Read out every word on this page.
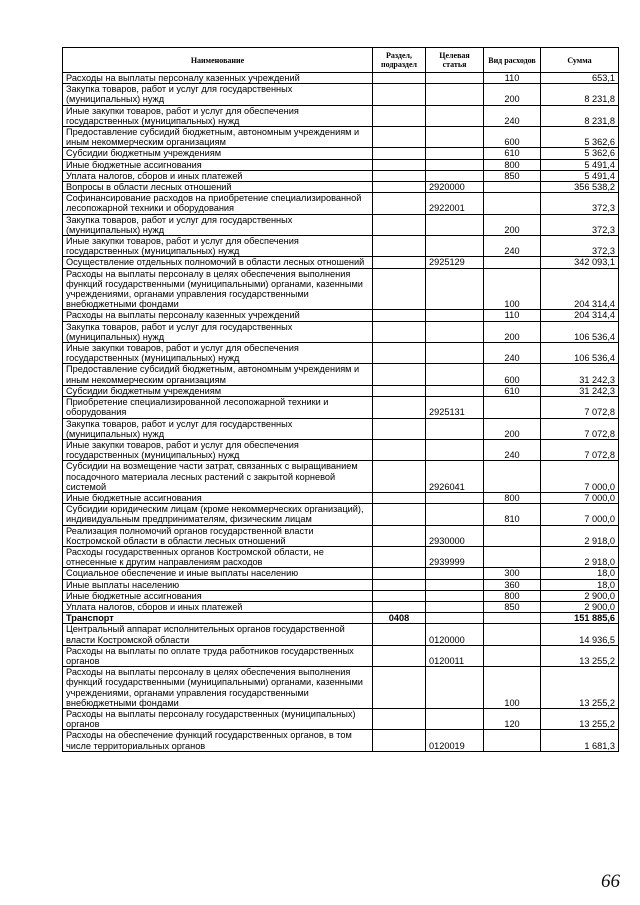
Наименование	Раздел, подраздел	Целевая статья	Вид расходов	Сумма
Расходы на выплаты персоналу казенных учреждений			110	653,1
Закупка товаров, работ и услуг для государственных (муниципальных) нужд			200	8 231,8
Иные закупки товаров, работ и услуг для обеспечения государственных (муниципальных) нужд			240	8 231,8
Предоставление субсидий бюджетным, автономным учреждениям и иным некоммерческим организациям			600	5 362,6
Субсидии бюджетным учреждениям			610	5 362,6
Иные бюджетные ассигнования			800	5 491,4
Уплата налогов, сборов и иных платежей			850	5 491,4
Вопросы в области лесных отношений		2920000		356 538,2
Софинансирование расходов на приобретение специализированной лесопожарной техники и оборудования		2922001		372,3
Закупка товаров, работ и услуг для государственных (муниципальных) нужд			200	372,3
Иные закупки товаров, работ и услуг для обеспечения государственных (муниципальных) нужд			240	372,3
Осуществление отдельных полномочий в области лесных отношений		2925129		342 093,1
Расходы на выплаты персоналу в целях обеспечения выполнения функций государственными (муниципальными) органами, казенными учреждениями, органами управления государственными внебюджетными фондами			100	204 314,4
Расходы на выплаты персоналу казенных учреждений			110	204 314,4
Закупка товаров, работ и услуг для государственных (муниципальных) нужд			200	106 536,4
Иные закупки товаров, работ и услуг для обеспечения государственных (муниципальных) нужд			240	106 536,4
Предоставление субсидий бюджетным, автономным учреждениям и иным некоммерческим организациям			600	31 242,3
Субсидии бюджетным учреждениям			610	31 242,3
Приобретение специализированной лесопожарной техники и оборудования		2925131		7 072,8
Закупка товаров, работ и услуг для государственных (муниципальных) нужд			200	7 072,8
Иные закупки товаров, работ и услуг для обеспечения государственных (муниципальных) нужд			240	7 072,8
Субсидии на возмещение части затрат, связанных с выращиванием посадочного материала лесных растений с закрытой корневой системой		2926041		7 000,0
Иные бюджетные ассигнования			800	7 000,0
Субсидии юридическим лицам (кроме некоммерческих организаций), индивидуальным предпринимателям, физическим лицам			810	7 000,0
Реализация полномочий органов государственной власти Костромской области в области лесных отношений		2930000		2 918,0
Расходы государственных органов Костромской области, не отнесенные к другим направлениям расходов		2939999		2 918,0
Социальное обеспечение и иные выплаты населению			300	18,0
Иные выплаты населению			360	18,0
Иные бюджетные ассигнования			800	2 900,0
Уплата налогов, сборов и иных платежей			850	2 900,0
Транспорт	0408			151 885,6
Центральный аппарат исполнительных органов государственной власти Костромской области		0120000		14 936,5
Расходы на выплаты по оплате труда работников государственных органов		0120011		13 255,2
Расходы на выплаты персоналу в целях обеспечения выполнения функций государственными (муниципальными) органами, казенными учреждениями, органами управления государственными внебюджетными фондами			100	13 255,2
Расходы на выплаты персоналу государственных (муниципальных) органов			120	13 255,2
Расходы на обеспечение функций государственных органов, в том числе территориальных органов		0120019		1 681,3
66
